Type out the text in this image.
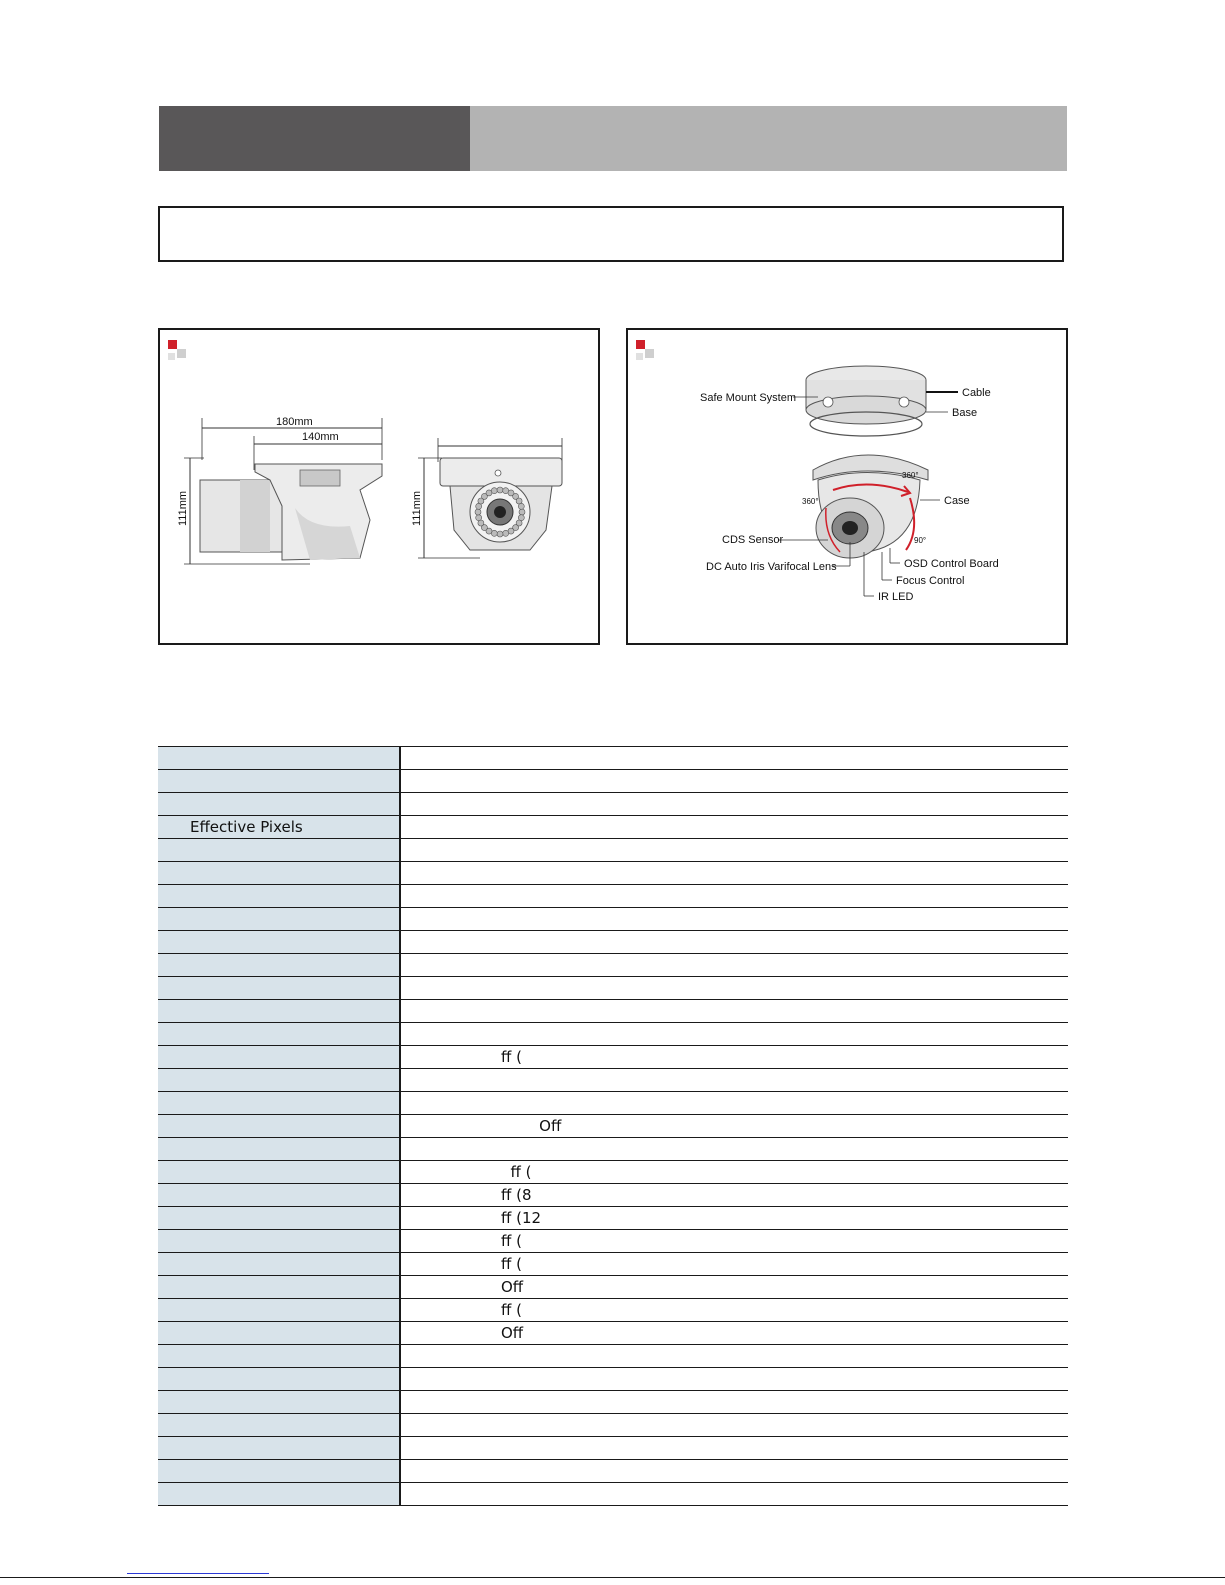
180mm
140mm
111mm	111mm
Safe Mount System	Cable
Base
Case
CDS Sensor
DC Auto Iris Varifocal Lens	OSD Control Board
Focus Control
IR LED
360°
360°
90°

Effective Pixels	

	ff (

	Off

	ff (
	ff (8
	ff (12
	ff (
	ff (
	Off
	ff (
	Off
